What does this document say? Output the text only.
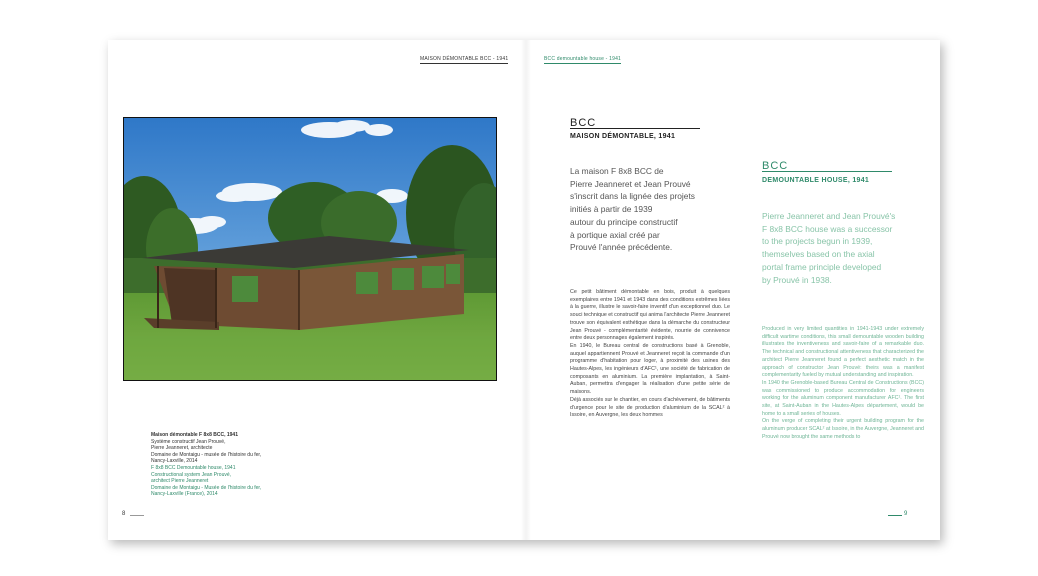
MAISON DÉMONTABLE BCC - 1941	BCC demountable house - 1941
Maison démontable F 8x8 BCC, 1941
Système constructif Jean Prouvé,
Pierre Jeanneret, architecte
Domaine de Montaigu - musée de l'histoire du fer,
Nancy-Laxville, 2014
F 8x8 BCC Demountable house, 1941
Constructional system Jean Prouvé,
architect Pierre Jeanneret
Domaine de Montaigu - Musée de l'histoire du fer,
Nancy-Laxville (France), 2014
8	9
BCC
MAISON DÉMONTABLE, 1941
La maison F 8x8 BCC de
Pierre Jeanneret et Jean Prouvé
s'inscrit dans la lignée des projets
initiés à partir de 1939
autour du principe constructif
à portique axial créé par
Prouvé l'année précédente.

Ce petit bâtiment démontable en bois, produit à quelques exemplaires entre 1941 et 1943 dans des conditions extrêmes liées à la guerre, illustre le savoir-faire inventif d'un exceptionnel duo. Le souci technique et constructif qui anima l'architecte Pierre Jeanneret trouve son équivalent esthétique dans la démarche du constructeur Jean Prouvé - complémentarité évidente, nourrie de connivence entre deux personnages également inspirés.

En 1940, le Bureau central de constructions basé à Grenoble, auquel appartiennent Prouvé et Jeanneret reçoit la commande d'un programme d'habitation pour loger, à proximité des usines des Hautes-Alpes, les ingénieurs d'AFC¹, une société de fabrication de composants en aluminium. La première implantation, à Saint-Auban, permettra d'engager la réalisation d'une petite série de maisons.

Déjà associés sur le chantier, en cours d'achèvement, de bâtiments d'urgence pour le site de production d'aluminium de la SCAL² à Issoire, en Auvergne, les deux hommes

BCC
DEMOUNTABLE HOUSE, 1941
Pierre Jeanneret and Jean Prouvé's
F 8x8 BCC house was a successor
to the projects begun in 1939,
themselves based on the axial
portal frame principle developed
by Prouvé in 1938.

Produced in very limited quantities in 1941-1943 under extremely difficult wartime conditions, this small demountable wooden building illustrates the inventiveness and savoir-faire of a remarkable duo. The technical and constructional attentiveness that characterized the architect Pierre Jeanneret found a perfect aesthetic match in the approach of constructor Jean Prouvé: theirs was a manifest complementarity fueled by mutual understanding and inspiration.

In 1940 the Grenoble-based Bureau Central de Constructions (BCC) was commissioned to produce accommodation for engineers working for the aluminum component manufacturer AFC¹. The first site, at Saint-Auban in the Hautes-Alpes département, would be home to a small series of houses.

On the verge of completing their urgent building program for the aluminum producer SCAL² at Issoire, in the Auvergne, Jeanneret and Prouvé now brought the same methods to
